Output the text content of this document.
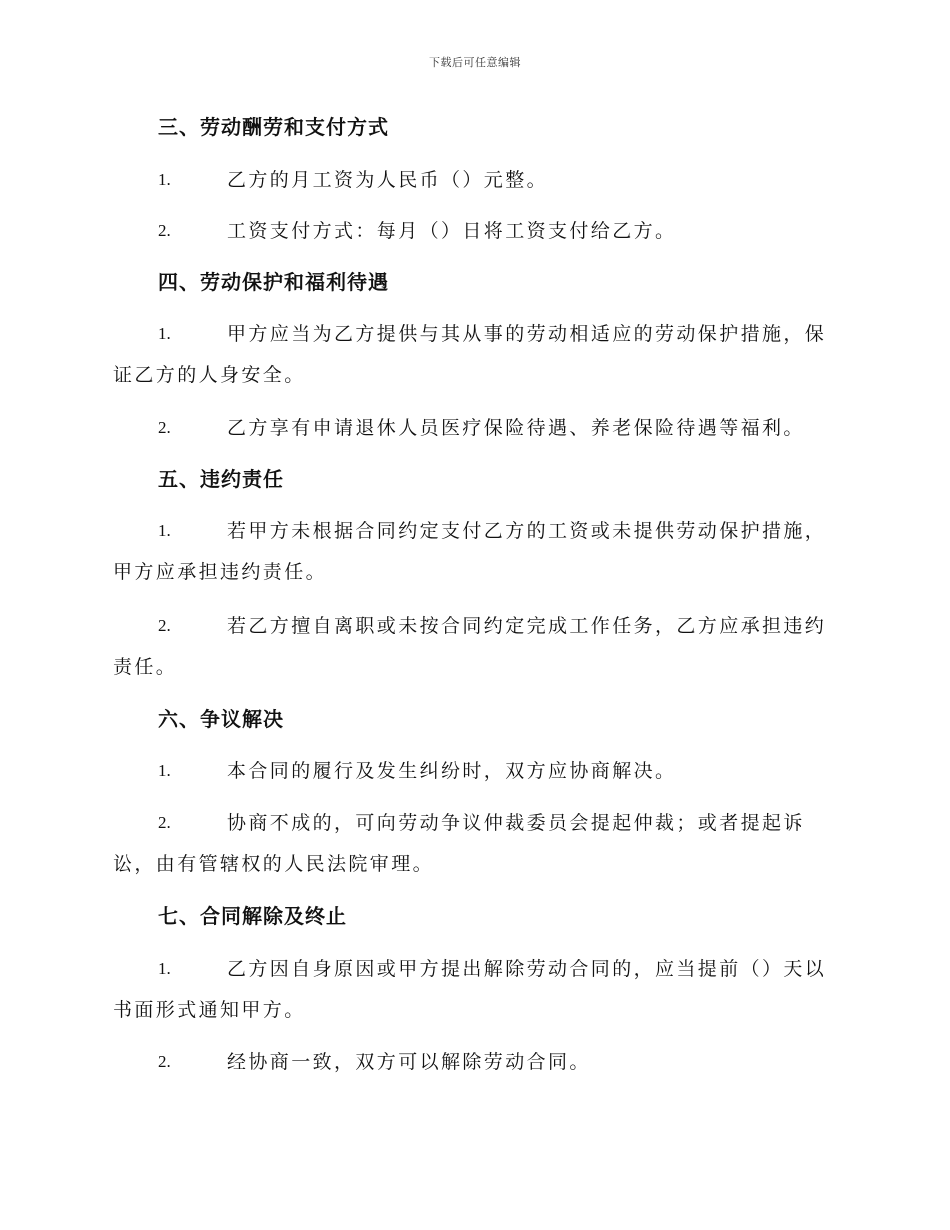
下载后可任意编辑
三、劳动酬劳和支付方式
1.	乙方的月工资为人民币（）元整。

2.	工资支付方式：每月（）日将工资支付给乙方。

四、劳动保护和福利待遇
1.	甲方应当为乙方提供与其从事的劳动相适应的劳动保护措施，保
证乙方的人身安全。

2.	乙方享有申请退休人员医疗保险待遇、养老保险待遇等福利。

五、违约责任
1.	若甲方未根据合同约定支付乙方的工资或未提供劳动保护措施，
甲方应承担违约责任。

2.	若乙方擅自离职或未按合同约定完成工作任务，乙方应承担违约
责任。

六、争议解决
1.	本合同的履行及发生纠纷时，双方应协商解决。

2.	协商不成的，可向劳动争议仲裁委员会提起仲裁；或者提起诉
讼，由有管辖权的人民法院审理。

七、合同解除及终止
1.	乙方因自身原因或甲方提出解除劳动合同的，应当提前（）天以
书面形式通知甲方。

2.	经协商一致，双方可以解除劳动合同。
